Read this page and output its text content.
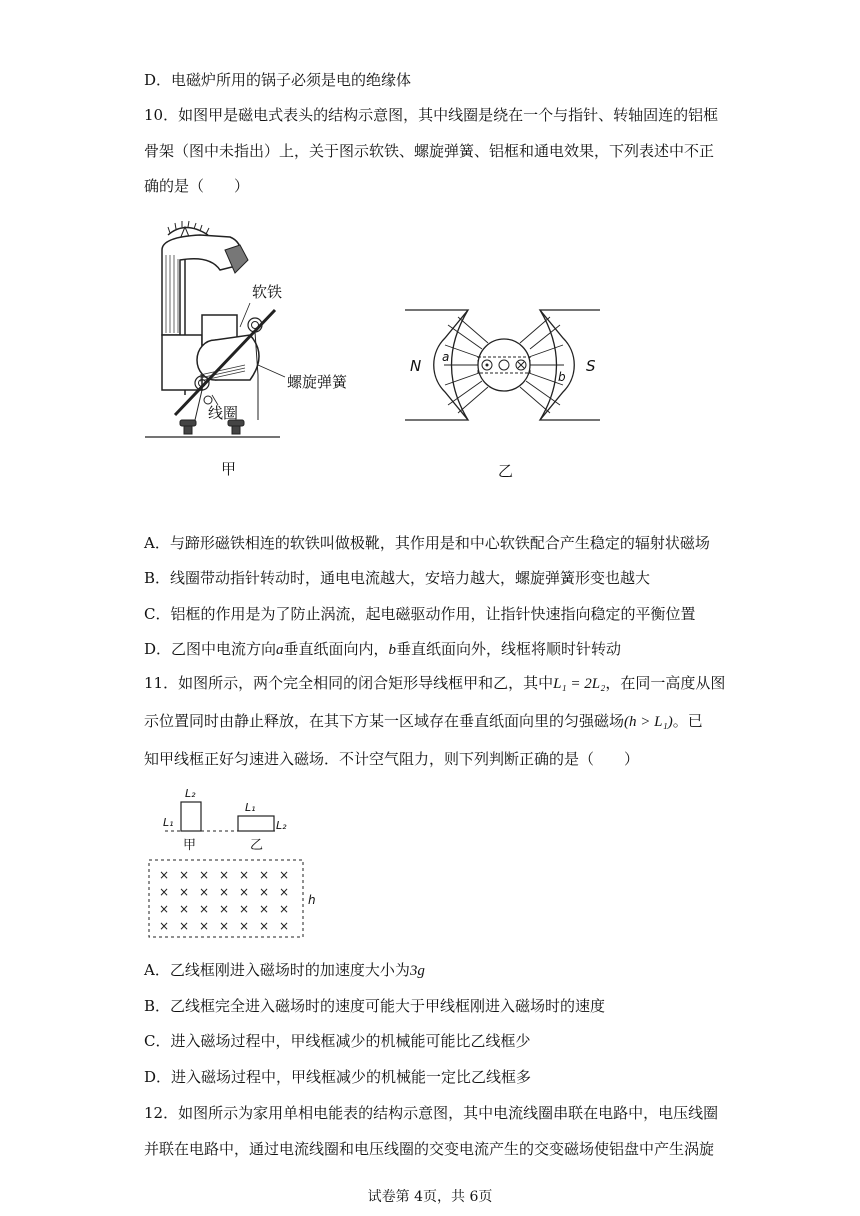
D．电磁炉所用的锅子必须是电的绝缘体
10．如图甲是磁电式表头的结构示意图，其中线圈是绕在一个与指针、转轴固连的铝框
骨架（图中未指出）上，关于图示软铁、螺旋弹簧、铝框和通电效果，下列表述中不正
确的是（　　）
软铁
螺旋弹簧
线圈
甲
N	S
a
b
乙
A．与蹄形磁铁相连的软铁叫做极靴，其作用是和中心软铁配合产生稳定的辐射状磁场
B．线圈带动指针转动时，通电电流越大，安培力越大，螺旋弹簧形变也越大
C．铝框的作用是为了防止涡流，起电磁驱动作用，让指针快速指向稳定的平衡位置
D．乙图中电流方向a垂直纸面向内，b垂直纸面向外，线框将顺时针转动
11．如图所示，两个完全相同的闭合矩形导线框甲和乙，其中L₁ = 2L₂，在同一高度从图
示位置同时由静止释放，在其下方某一区域存在垂直纸面向里的匀强磁场(h > L₁)。已
知甲线框正好匀速进入磁场．不计空气阻力，则下列判断正确的是（　　）
L₁
L₂
L₁
L₂
甲	乙
× × × × × × ×
× × × × × × ×
× × × × × × ×
× × × × × × ×
h
A．乙线框刚进入磁场时的加速度大小为3g
B．乙线框完全进入磁场时的速度可能大于甲线框刚进入磁场时的速度
C．进入磁场过程中，甲线框减少的机械能可能比乙线框少
D．进入磁场过程中，甲线框减少的机械能一定比乙线框多
12．如图所示为家用单相电能表的结构示意图，其中电流线圈串联在电路中，电压线圈
并联在电路中，通过电流线圈和电压线圈的交变电流产生的交变磁场使铝盘中产生涡旋
试卷第 4页，共 6页
